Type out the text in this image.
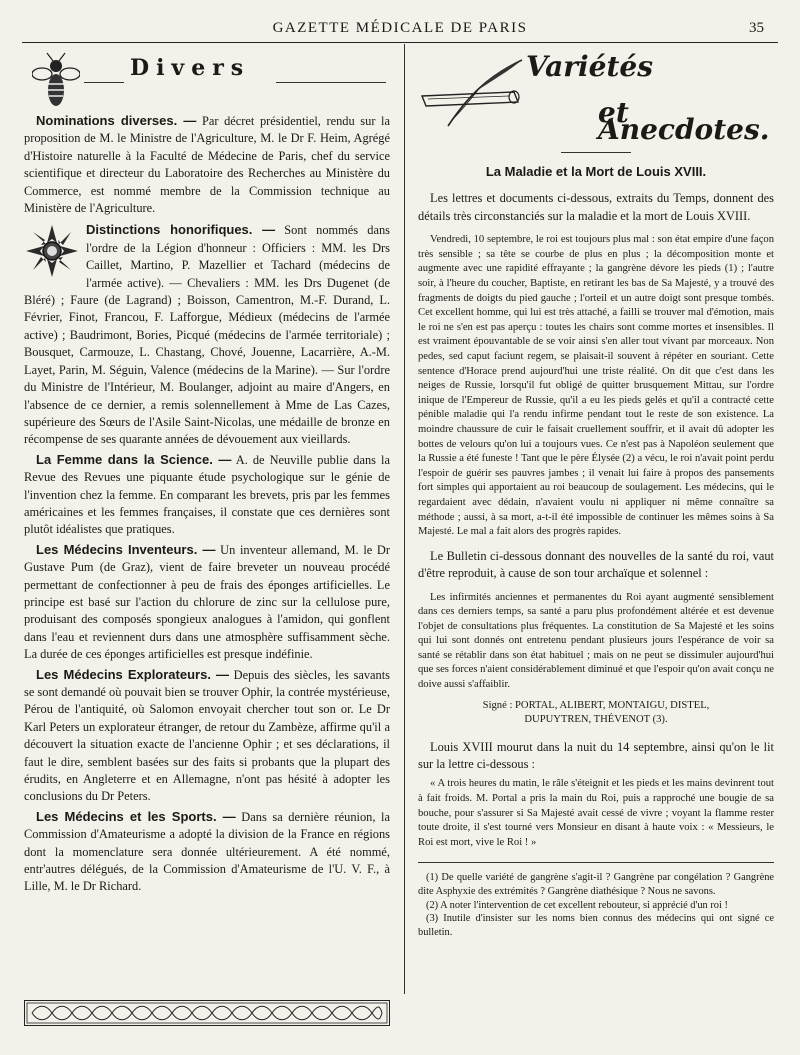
GAZETTE MÉDICALE DE PARIS	35
Divers

Nominations diverses. — Par décret présidentiel, rendu sur la proposition de M. le Ministre de l'Agriculture, M. le Dr F. Heim, Agrégé d'Histoire naturelle à la Faculté de Médecine de Paris, chef du service scientifique et directeur du Laboratoire des Recherches au Ministère du Commerce, est nommé membre de la Commission technique au Ministère de l'Agriculture.

Distinctions honorifiques. — Sont nommés dans l'ordre de la Légion d'honneur : Officiers : MM. les Drs Caillet, Martino, P. Mazellier et Tachard (médecins de l'armée active). — Chevaliers : MM. les Drs Dugenet (de Bléré) ; Faure (de Lagrand) ; Boisson, Camentron, M.-F. Durand, L. Février, Finot, Francou, F. Lafforgue, Médieux (médecins de l'armée active) ; Baudrimont, Bories, Picqué (médecins de l'armée territoriale) ; Bousquet, Carmouze, L. Chastang, Chové, Jouenne, Lacarrière, A.-M. Layet, Parin, M. Séguin, Valence (médecins de la Marine). — Sur l'ordre du Ministre de l'Intérieur, M. Boulanger, adjoint au maire d'Angers, en l'absence de ce dernier, a remis solennellement à Mme de Las Cazes, supérieure des Sœurs de l'Asile Saint-Nicolas, une médaille de bronze en récompense de ses quarante années de dévouement aux vieillards.

La Femme dans la Science. — A. de Neuville publie dans la Revue des Revues une piquante étude psychologique sur le génie de l'invention chez la femme. En comparant les brevets, pris par les femmes américaines et les femmes françaises, il constate que ces dernières sont plutôt idéalistes que pratiques.

Les Médecins Inventeurs. — Un inventeur allemand, M. le Dr Gustave Pum (de Graz), vient de faire breveter un nouveau procédé permettant de confectionner à peu de frais des éponges artificielles. Le principe est basé sur l'action du chlorure de zinc sur la cellulose pure, produisant des composés spongieux analogues à l'amidon, qui gonflent dans l'eau et reviennent durs dans une atmosphère suffisamment sèche. La durée de ces éponges artificielles est presque indéfinie.

Les Médecins Explorateurs. — Depuis des siècles, les savants se sont demandé où pouvait bien se trouver Ophir, la contrée mystérieuse, Pérou de l'antiquité, où Salomon envoyait chercher tout son or. Le Dr Karl Peters un explorateur étranger, de retour du Zambèze, affirme qu'il a découvert la situation exacte de l'ancienne Ophir ; et ses déclarations, il faut le dire, semblent basées sur des faits si probants que la plupart des érudits, en Angleterre et en Allemagne, n'ont pas hésité à adopter les conclusions du Dr Peters.

Les Médecins et les Sports. — Dans sa dernière réunion, la Commission d'Amateurisme a adopté la division de la France en régions dont la momenclature sera donnée ultérieurement. A été nommé, entr'autres délégués, de la Commission d'Amateurisme de l'U. V. F., à Lille, M. le Dr Richard.

Variétés
et Anecdotes.
La Maladie et la Mort de Louis XVIII.

Les lettres et documents ci-dessous, extraits du Temps, donnent des détails très circonstanciés sur la maladie et la mort de Louis XVIII.

Vendredi, 10 septembre, le roi est toujours plus mal : son état empire d'une façon très sensible ; sa tête se courbe de plus en plus ; la décomposition monte et augmente avec une rapidité effrayante ; la gangrène dévore les pieds (1) ; l'autre soir, à l'heure du coucher, Baptiste, en retirant les bas de Sa Majesté, y a trouvé des fragments de doigts du pied gauche ; l'orteil et un autre doigt sont presque tombés. Cet excellent homme, qui lui est très attaché, a failli se trouver mal d'émotion, mais le roi ne s'en est pas aperçu : toutes les chairs sont comme mortes et insensibles. Il est vraiment épouvantable de se voir ainsi s'en aller tout vivant par morceaux. Non pedes, sed caput faciunt regem, se plaisait-il souvent à répéter en souriant. Cette sentence d'Horace prend aujourd'hui une triste réalité. On dit que c'est dans les neiges de Russie, lorsqu'il fut obligé de quitter brusquement Mittau, sur l'ordre inique de l'Empereur de Russie, qu'il a eu les pieds gelés et qu'il a contracté cette pénible maladie qui l'a rendu infirme pendant tout le reste de son existence. La moindre chaussure de cuir le faisait cruellement souffrir, et il avait dû adopter les bottes de velours qu'on lui a toujours vues. Ce n'est pas à Napoléon seulement que la Russie a été funeste ! Tant que le père Élysée (2) a vécu, le roi n'avait point perdu l'espoir de guérir ses pauvres jambes ; il venait lui faire à propos des pansements fort simples qui apportaient au roi beaucoup de soulagement. Les médecins, qui le regardaient avec dédain, n'avaient voulu ni appliquer ni même connaître sa méthode ; aussi, à sa mort, a-t-il été impossible de continuer les mêmes soins à Sa Majesté. Le mal a fait alors des progrès rapides.

Le Bulletin ci-dessous donnant des nouvelles de la santé du roi, vaut d'être reproduit, à cause de son tour archaïque et solennel :

Les infirmités anciennes et permanentes du Roi ayant augmenté sensiblement dans ces derniers temps, sa santé a paru plus profondément altérée et est devenue l'objet de consultations plus fréquentes. La constitution de Sa Majesté et les soins qui lui sont donnés ont entretenu pendant plusieurs jours l'espérance de voir sa santé se rétablir dans son état habituel ; mais on ne peut se dissimuler aujourd'hui que ses forces n'aient considérablement diminué et que l'espoir qu'on avait conçu ne doive aussi s'affaiblir.

Signé : PORTAL, ALIBERT, MONTAIGU, DISTEL,
DUPUYTREN, THÉVENOT (3).

Louis XVIII mourut dans la nuit du 14 septembre, ainsi qu'on le lit sur la lettre ci-dessous :

« A trois heures du matin, le râle s'éteignit et les pieds et les mains devinrent tout à fait froids. M. Portal a pris la main du Roi, puis a rapproché une bougie de sa bouche, pour s'assurer si Sa Majesté avait cessé de vivre ; voyant la flamme rester toute droite, il s'est tourné vers Monsieur en disant à haute voix : « Messieurs, le Roi est mort, vive le Roi ! »

(1) De quelle variété de gangrène s'agit-il ? Gangrène par congélation ? Gangrène dite Asphyxie des extrémités ? Gangrène diathésique ? Nous ne savons.

(2) A noter l'intervention de cet excellent rebouteur, si apprécié d'un roi !

(3) Inutile d'insister sur les noms bien connus des médecins qui ont signé ce bulletin.
